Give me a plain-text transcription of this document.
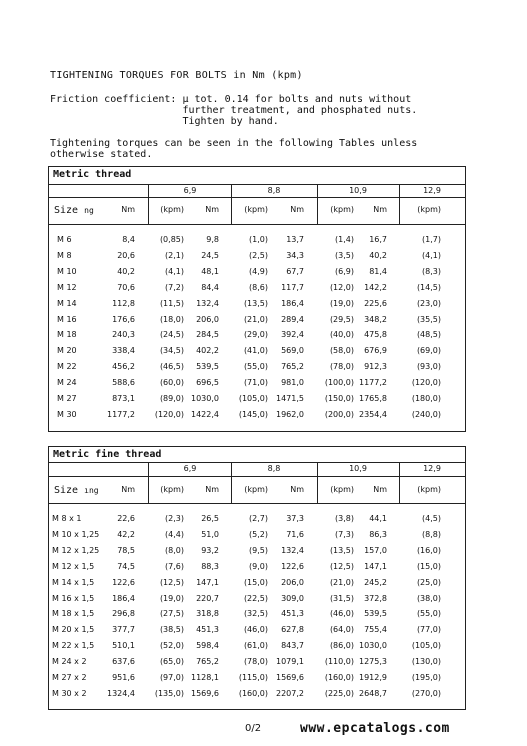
TIGHTENING TORQUES FOR BOLTS in Nm (kpm)
Friction coefficient: μ tot. 0.14 for bolts and nuts without
further treatment, and phosphated nuts.
Tighten by hand.
Tightening torques can be seen in the following Tables unless
otherwise stated.
Metric thread
6,9	8,8	10,9	12,9
Size ng	Nm	(kpm)	Nm	(kpm)	Nm	(kpm) Nm	(kpm)
M 6	8,4	(0,85)	9,8	(1,0) 13,7	(1,4) 16,7	(1,7)
M 8	20,6	(2,1) 24,5	(2,5) 34,3	(3,5) 40,2	(4,1)
M 10	40,2	(4,1) 48,1	(4,9) 67,7	(6,9) 81,4	(8,3)
M 12	70,6	(7,2) 84,4	(8,6) 117,7	(12,0) 142,2	(14,5)
M 14	112,8	(11,5) 132,4	(13,5) 186,4	(19,0) 225,6	(23,0)
M 16	176,6	(18,0) 206,0	(21,0) 289,4	(29,5) 348,2	(35,5)
M 18	240,3	(24,5) 284,5	(29,0) 392,4	(40,0) 475,8	(48,5)
M 20	338,4	(34,5) 402,2	(41,0) 569,0	(58,0) 676,9	(69,0)
M 22	456,2	(46,5) 539,5	(55,0) 765,2	(78,0) 912,3	(93,0)
M 24	588,6	(60,0) 696,5	(71,0) 981,0	(100,0) 1177,2	(120,0)
M 27	873,1	(89,0) 1030,0 (105,0) 1471,5	(150,0) 1765,8	(180,0)
M 30	1177,2 (120,0) 1422,4 (145,0) 1962,0	(200,0) 2354,4	(240,0)
Metric fine thread
6,9	8,8	10,9	12,9
Size ıng	Nm	(kpm)	Nm	(kpm)	Nm	(kpm) Nm	(kpm)
M 8 x 1	22,6	(2,3) 26,5	(2,7) 37,3	(3,8) 44,1	(4,5)
M 10 x 1,25 42,2	(4,4) 51,0	(5,2) 71,6	(7,3) 86,3	(8,8)
M 12 x 1,25 78,5	(8,0) 93,2	(9,5) 132,4	(13,5) 157,0	(16,0)
M 12 x 1,5	74,5	(7,6) 88,3	(9,0) 122,6	(12,5) 147,1	(15,0)
M 14 x 1,5 122,6	(12,5) 147,1	(15,0) 206,0	(21,0) 245,2	(25,0)
M 16 x 1,5 186,4	(19,0) 220,7	(22,5) 309,0	(31,5) 372,8	(38,0)
M 18 x 1,5 296,8	(27,5) 318,8	(32,5) 451,3	(46,0) 539,5	(55,0)
M 20 x 1,5 377,7	(38,5) 451,3	(46,0) 627,8	(64,0) 755,4	(77,0)
M 22 x 1,5 510,1	(52,0) 598,4	(61,0) 843,7	(86,0) 1030,0	(105,0)
M 24 x 2	637,6	(65,0) 765,2	(78,0) 1079,1	(110,0) 1275,3	(130,0)
M 27 x 2	951,6	(97,0) 1128,1 (115,0) 1569,6	(160,0) 1912,9	(195,0)
M 30 x 2	1324,4 (135,0) 1569,6 (160,0) 2207,2	(225,0) 2648,7	(270,0)
0/2	www.epcatalogs.com
